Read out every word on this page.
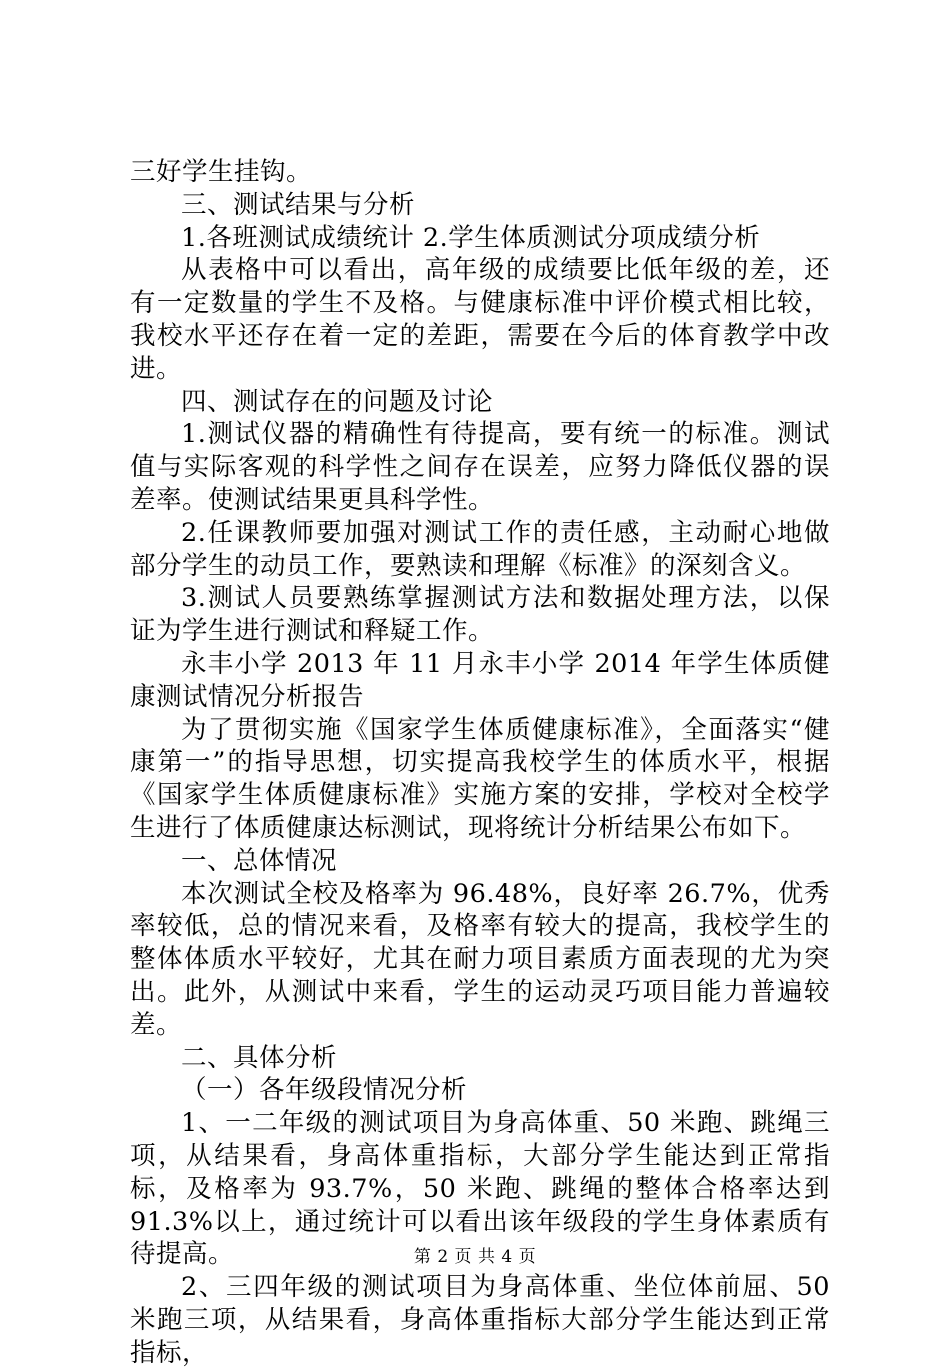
三好学生挂钩。

三、测试结果与分析

1.各班测试成绩统计 2.学生体质测试分项成绩分析

从表格中可以看出，高年级的成绩要比低年级的差，还有一定数量的学生不及格。与健康标准中评价模式相比较，我校水平还存在着一定的差距，需要在今后的体育教学中改进。

四、测试存在的问题及讨论

1.测试仪器的精确性有待提高，要有统一的标准。测试值与实际客观的科学性之间存在误差，应努力降低仪器的误差率。使测试结果更具科学性。

2.任课教师要加强对测试工作的责任感，主动耐心地做部分学生的动员工作，要熟读和理解《标准》的深刻含义。

3.测试人员要熟练掌握测试方法和数据处理方法，以保证为学生进行测试和释疑工作。

永丰小学 2013 年 11 月永丰小学 2014 年学生体质健康测试情况分析报告

为了贯彻实施《国家学生体质健康标准》，全面落实“健康第一”的指导思想，切实提高我校学生的体质水平，根据《国家学生体质健康标准》实施方案的安排，学校对全校学生进行了体质健康达标测试，现将统计分析结果公布如下。

一、总体情况

本次测试全校及格率为 96.48%，良好率 26.7%，优秀率较低，总的情况来看，及格率有较大的提高，我校学生的整体体质水平较好，尤其在耐力项目素质方面表现的尤为突出。此外，从测试中来看，学生的运动灵巧项目能力普遍较差。

二、具体分析

（一）各年级段情况分析

1、一二年级的测试项目为身高体重、50 米跑、跳绳三项，从结果看，身高体重指标，大部分学生能达到正常指标，及格率为 93.7%，50 米跑、跳绳的整体合格率达到 91.3%以上，通过统计可以看出该年级段的学生身体素质有待提高。

2、三四年级的测试项目为身高体重、坐位体前屈、50 米跑三项，从结果看，身高体重指标大部分学生能达到正常指标，

第 2 页 共 4 页
